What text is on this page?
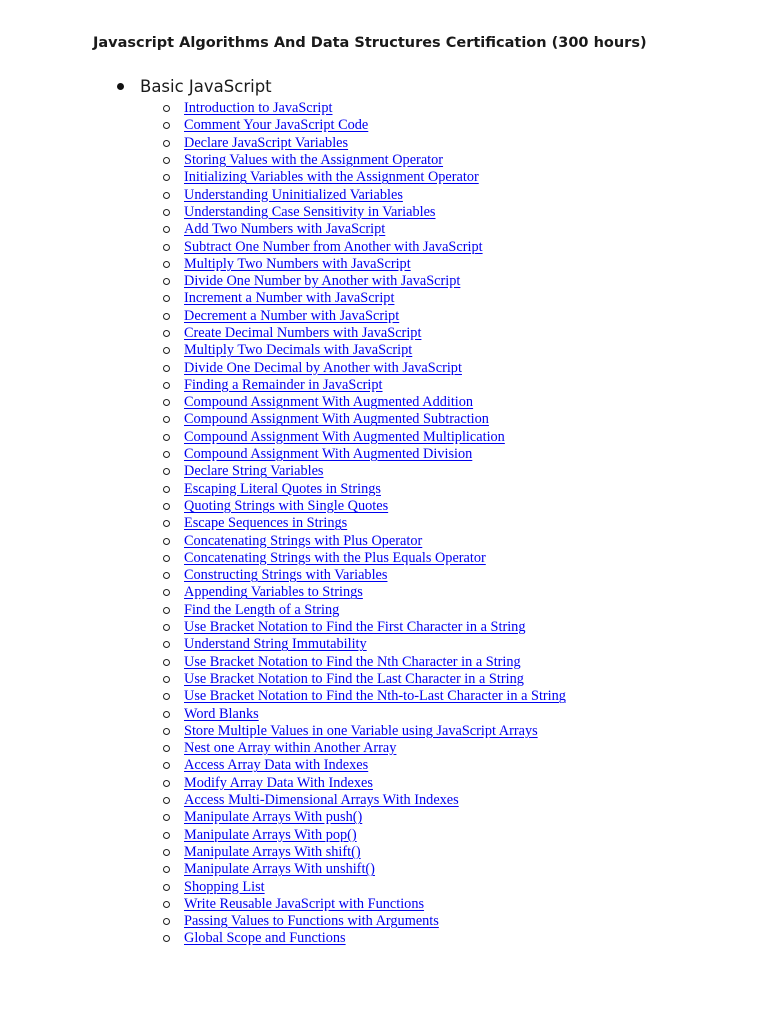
Javascript Algorithms And Data Structures Certification (300 hours)
Basic JavaScript
Introduction to JavaScript
Comment Your JavaScript Code
Declare JavaScript Variables
Storing Values with the Assignment Operator
Initializing Variables with the Assignment Operator
Understanding Uninitialized Variables
Understanding Case Sensitivity in Variables
Add Two Numbers with JavaScript
Subtract One Number from Another with JavaScript
Multiply Two Numbers with JavaScript
Divide One Number by Another with JavaScript
Increment a Number with JavaScript
Decrement a Number with JavaScript
Create Decimal Numbers with JavaScript
Multiply Two Decimals with JavaScript
Divide One Decimal by Another with JavaScript
Finding a Remainder in JavaScript
Compound Assignment With Augmented Addition
Compound Assignment With Augmented Subtraction
Compound Assignment With Augmented Multiplication
Compound Assignment With Augmented Division
Declare String Variables
Escaping Literal Quotes in Strings
Quoting Strings with Single Quotes
Escape Sequences in Strings
Concatenating Strings with Plus Operator
Concatenating Strings with the Plus Equals Operator
Constructing Strings with Variables
Appending Variables to Strings
Find the Length of a String
Use Bracket Notation to Find the First Character in a String
Understand String Immutability
Use Bracket Notation to Find the Nth Character in a String
Use Bracket Notation to Find the Last Character in a String
Use Bracket Notation to Find the Nth-to-Last Character in a String
Word Blanks
Store Multiple Values in one Variable using JavaScript Arrays
Nest one Array within Another Array
Access Array Data with Indexes
Modify Array Data With Indexes
Access Multi-Dimensional Arrays With Indexes
Manipulate Arrays With push()
Manipulate Arrays With pop()
Manipulate Arrays With shift()
Manipulate Arrays With unshift()
Shopping List
Write Reusable JavaScript with Functions
Passing Values to Functions with Arguments
Global Scope and Functions
